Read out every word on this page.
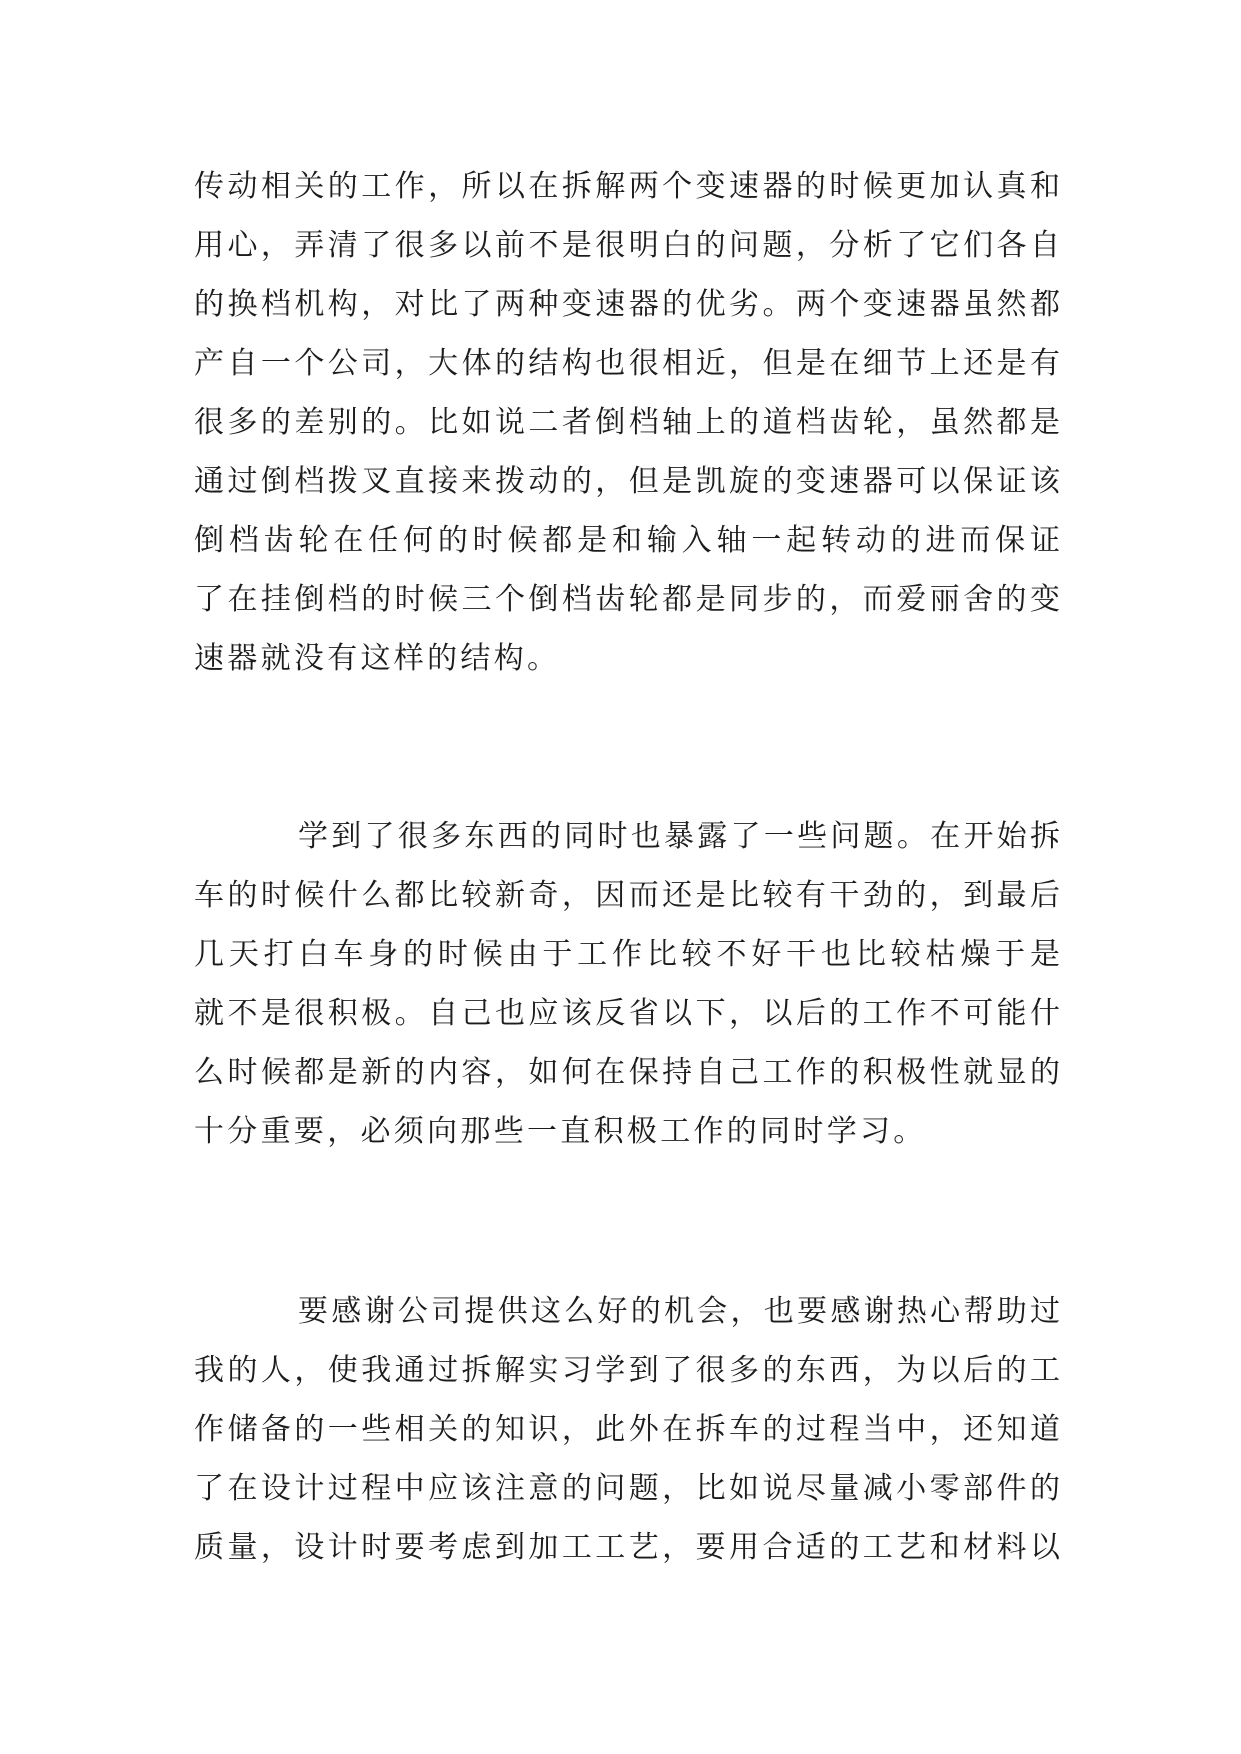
传动相关的工作，所以在拆解两个变速器的时候更加认真和
用心，弄清了很多以前不是很明白的问题，分析了它们各自
的换档机构，对比了两种变速器的优劣。两个变速器虽然都
产自一个公司，大体的结构也很相近，但是在细节上还是有
很多的差别的。比如说二者倒档轴上的道档齿轮，虽然都是
通过倒档拨叉直接来拨动的，但是凯旋的变速器可以保证该
倒档齿轮在任何的时候都是和输入轴一起转动的进而保证
了在挂倒档的时候三个倒档齿轮都是同步的，而爱丽舍的变
速器就没有这样的结构。
学到了很多东西的同时也暴露了一些问题。在开始拆
车的时候什么都比较新奇，因而还是比较有干劲的，到最后
几天打白车身的时候由于工作比较不好干也比较枯燥于是
就不是很积极。自己也应该反省以下，以后的工作不可能什
么时候都是新的内容，如何在保持自己工作的积极性就显的
十分重要，必须向那些一直积极工作的同时学习。
要感谢公司提供这么好的机会，也要感谢热心帮助过
我的人，使我通过拆解实习学到了很多的东西，为以后的工
作储备的一些相关的知识，此外在拆车的过程当中，还知道
了在设计过程中应该注意的问题，比如说尽量减小零部件的
质量，设计时要考虑到加工工艺，要用合适的工艺和材料以
